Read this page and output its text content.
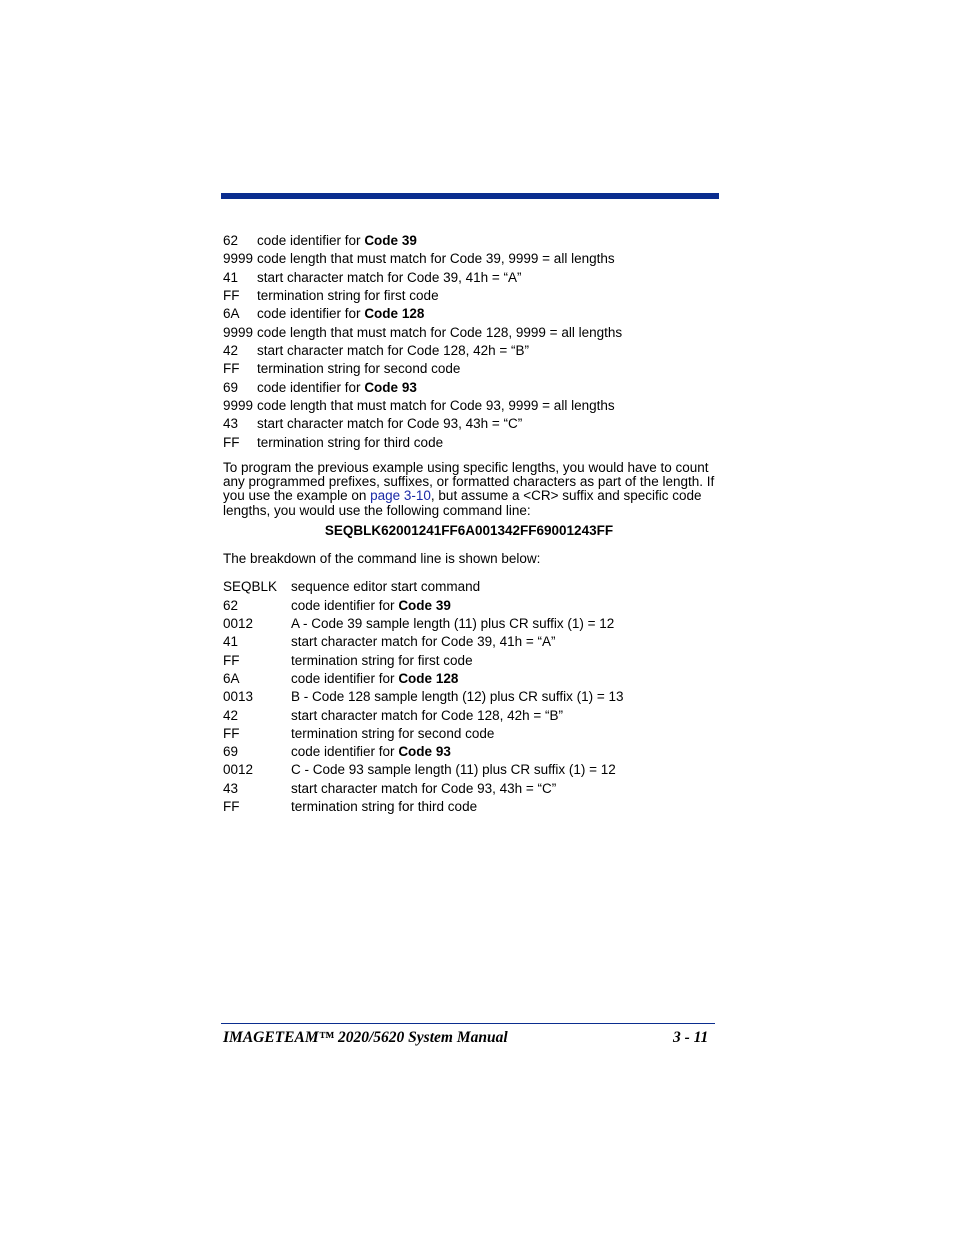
62 code identifier for Code 39
9999 code length that must match for Code 39, 9999 = all lengths
41 start character match for Code 39, 41h = “A”
FF termination string for first code
6A code identifier for Code 128
9999 code length that must match for Code 128, 9999 = all lengths
42 start character match for Code 128, 42h = “B”
FF termination string for second code
69 code identifier for Code 93
9999 code length that must match for Code 93, 9999 = all lengths
43 start character match for Code 93, 43h = “C”
FF termination string for third code
To program the previous example using specific lengths, you would have to count any programmed prefixes, suffixes, or formatted characters as part of the length. If you use the example on page 3-10, but assume a <CR> suffix and specific code lengths, you would use the following command line:
SEQBLK62001241FF6A001342FF69001243FF
The breakdown of the command line is shown below:
SEQBLK sequence editor start command
62	code identifier for Code 39
0012	A - Code 39 sample length (11) plus CR suffix (1) = 12
41	start character match for Code 39, 41h = “A”
FF	termination string for first code
6A	code identifier for Code 128
0013	B - Code 128 sample length (12) plus CR suffix (1) = 13
42	start character match for Code 128, 42h = “B”
FF	termination string for second code
69	code identifier for Code 93
0012	C - Code 93 sample length (11) plus CR suffix (1) = 12
43	start character match for Code 93, 43h = “C”
FF	termination string for third code
IMAGETEAM™ 2020/5620 System Manual	3 - 11
